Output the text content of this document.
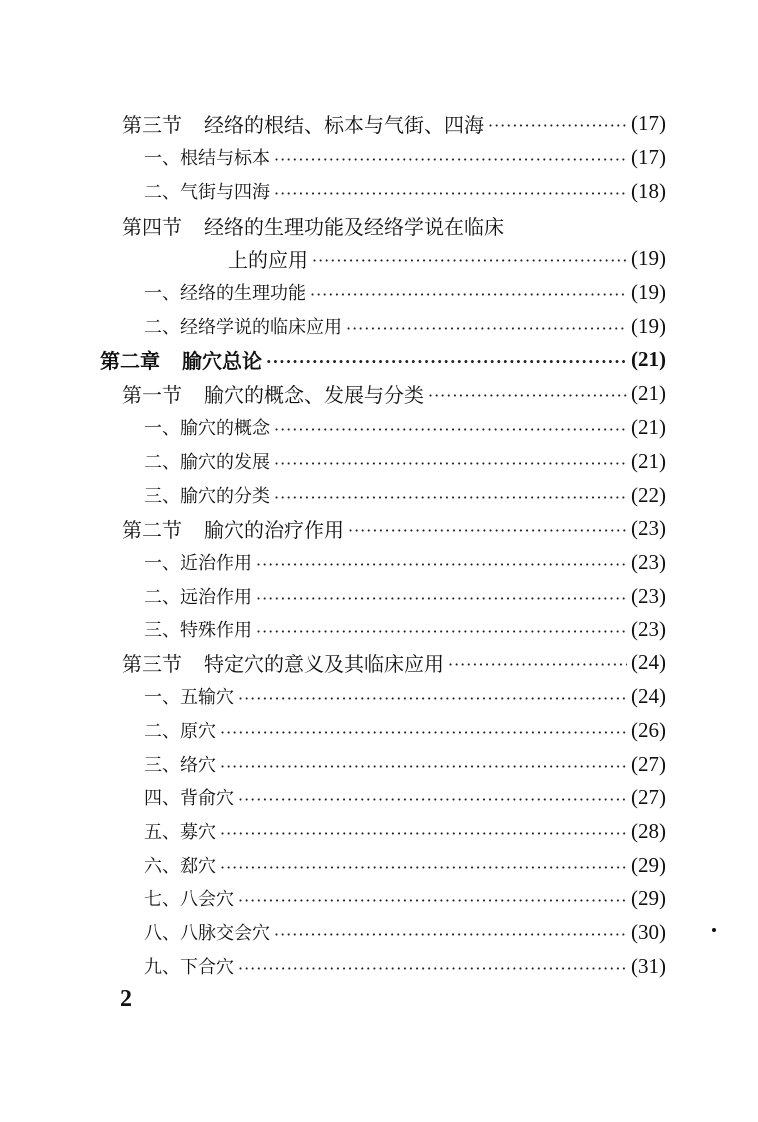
第三节 经络的根结、标本与气街、四海 ·····	(17)
一、根结与标本 ·····	(17)
二、气街与四海 ·····	(18)
第四节 经络的生理功能及经络学说在临床
上的应用 ·····	(19)
一、经络的生理功能 ·····	(19)
二、经络学说的临床应用 ·····	(19)
第二章 腧穴总论 ·····	(21)
第一节 腧穴的概念、发展与分类 ·····	(21)
一、腧穴的概念 ·····	(21)
二、腧穴的发展 ·····	(21)
三、腧穴的分类 ·····	(22)
第二节 腧穴的治疗作用 ·····	(23)
一、近治作用 ·····	(23)
二、远治作用 ·····	(23)
三、特殊作用 ·····	(23)
第三节 特定穴的意义及其临床应用 ·····	(24)
一、五输穴 ·····	(24)
二、原穴 ·····	(26)
三、络穴 ·····	(27)
四、背俞穴 ·····	(27)
五、募穴 ·····	(28)
六、郄穴 ·····	(29)
七、八会穴 ·····	(29)
八、八脉交会穴 ·····	(30)
九、下合穴 ·····	(31)
2
